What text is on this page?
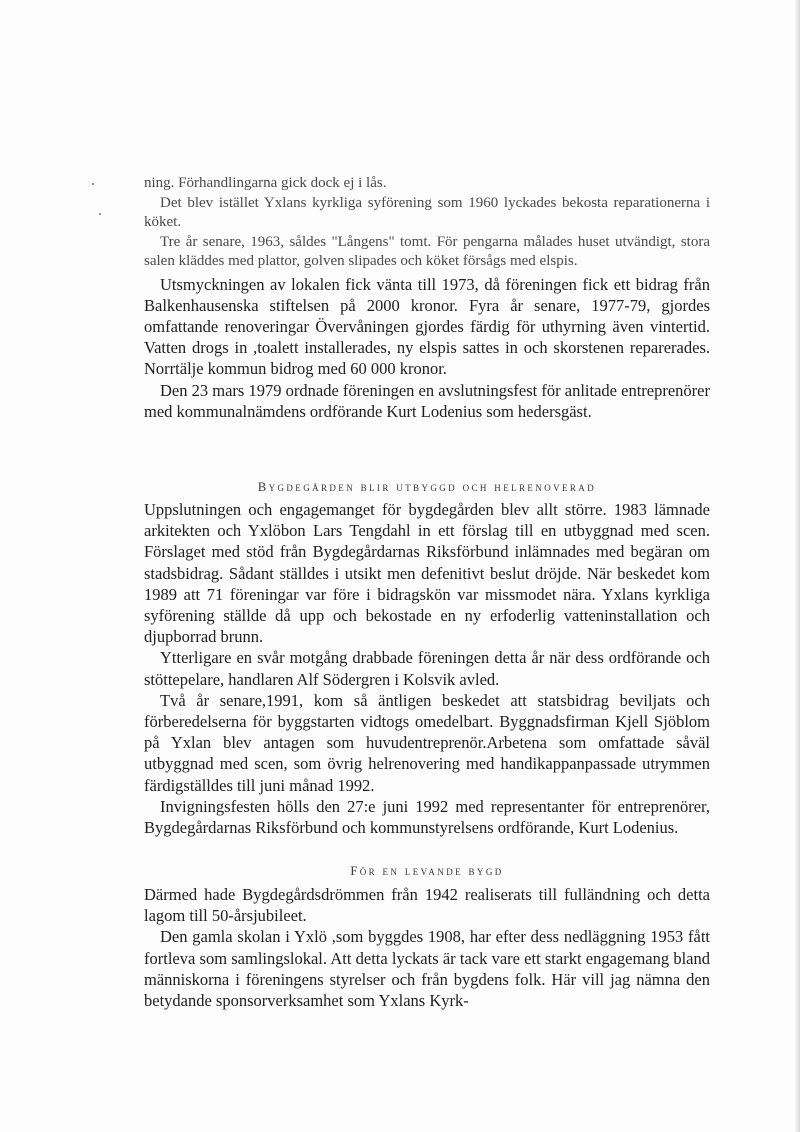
ning. Förhandlingarna gick dock ej i lås.

Det blev istället Yxlans kyrkliga syförening som 1960 lyckades bekosta reparationerna i köket.

Tre år senare, 1963, såldes "Långens" tomt. För pengarna målades huset utvändigt, stora salen kläddes med plattor, golven slipades och köket försågs med elspis.

Utsmyckningen av lokalen fick vänta till 1973, då föreningen fick ett bidrag från Balkenhausenska stiftelsen på 2000 kronor. Fyra år senare, 1977-79, gjordes omfattande renoveringar Övervåningen gjordes färdig för uthyrning även vintertid. Vatten drogs in ,toalett installerades, ny elspis sattes in och skorstenen reparerades. Norrtälje kommun bidrog med 60 000 kronor.

Den 23 mars 1979 ordnade föreningen en avslutningsfest för anlitade entreprenörer med kommunalnämdens ordförande Kurt Lodenius som hedersgäst.

Bygdegården blir utbyggd och helrenoverad

Uppslutningen och engagemanget för bygdegården blev allt större. 1983 lämnade arkitekten och Yxlöbon Lars Tengdahl in ett förslag till en utbyggnad med scen. Förslaget med stöd från Bygdegårdarnas Riksförbund inlämnades med begäran om stadsbidrag. Sådant ställdes i utsikt men defenitivt beslut dröjde. När beskedet kom 1989 att 71 föreningar var före i bidragskön var missmodet nära. Yxlans kyrkliga syförening ställde då upp och bekostade en ny erfoderlig vatteninstallation och djupborrad brunn.

Ytterligare en svår motgång drabbade föreningen detta år när dess ordförande och stöttepelare, handlaren Alf Södergren i Kolsvik avled.

Två år senare,1991, kom så äntligen beskedet att statsbidrag beviljats och förberedelserna för byggstarten vidtogs omedelbart. Byggnadsfirman Kjell Sjöblom på Yxlan blev antagen som huvudentreprenör.Arbetena som omfattade såväl utbyggnad med scen, som övrig helrenovering med handikappanpassade utrymmen färdigställdes till juni månad 1992.

Invigningsfesten hölls den 27:e juni 1992 med representanter för entreprenörer, Bygdegårdarnas Riksförbund och kommunstyrelsens ordförande, Kurt Lodenius.

För en levande bygd

Därmed hade Bygdegårdsdrömmen från 1942 realiserats till fulländning och detta lagom till 50-årsjubileet.

Den gamla skolan i Yxlö ,som byggdes 1908, har efter dess nedläggning 1953 fått fortleva som samlingslokal. Att detta lyckats är tack vare ett starkt engagemang bland människorna i föreningens styrelser och från bygdens folk. Här vill jag nämna den betydande sponsorverksamhet som Yxlans Kyrk-
